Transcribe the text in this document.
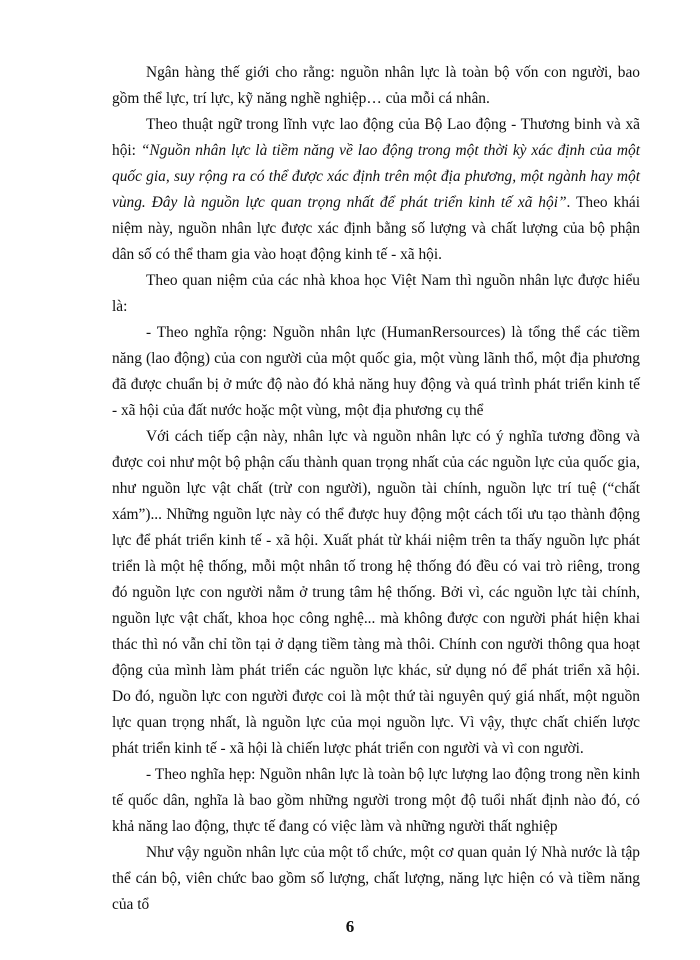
Ngân hàng thế giới cho rằng: nguồn nhân lực là toàn bộ vốn con người, bao gồm thể lực, trí lực, kỹ năng nghề nghiệp… của mỗi cá nhân.

Theo thuật ngữ trong lĩnh vực lao động của Bộ Lao động - Thương binh và xã hội: “Nguồn nhân lực là tiềm năng về lao động trong một thời kỳ xác định của một quốc gia, suy rộng ra có thể được xác định trên một địa phương, một ngành hay một vùng. Đây là nguồn lực quan trọng nhất để phát triển kinh tế xã hội”. Theo khái niệm này, nguồn nhân lực được xác định bằng số lượng và chất lượng của bộ phận dân số có thể tham gia vào hoạt động kinh tế - xã hội.

Theo quan niệm của các nhà khoa học Việt Nam thì nguồn nhân lực được hiểu là:

- Theo nghĩa rộng: Nguồn nhân lực (HumanRersources) là tổng thể các tiềm năng (lao động) của con người của một quốc gia, một vùng lãnh thổ, một địa phương đã được chuẩn bị ở mức độ nào đó khả năng huy động và quá trình phát triển kinh tế - xã hội của đất nước hoặc một vùng, một địa phương cụ thể

Với cách tiếp cận này, nhân lực và nguồn nhân lực có ý nghĩa tương đồng và được coi như một bộ phận cấu thành quan trọng nhất của các nguồn lực của quốc gia, như nguồn lực vật chất (trừ con người), nguồn tài chính, nguồn lực trí tuệ (“chất xám”)... Những nguồn lực này có thể được huy động một cách tối ưu tạo thành động lực để phát triển kinh tế - xã hội. Xuất phát từ khái niệm trên ta thấy nguồn lực phát triển là một hệ thống, mỗi một nhân tố trong hệ thống đó đều có vai trò riêng, trong đó nguồn lực con người nằm ở trung tâm hệ thống. Bởi vì, các nguồn lực tài chính, nguồn lực vật chất, khoa học công nghệ... mà không được con người phát hiện khai thác thì nó vẫn chỉ tồn tại ở dạng tiềm tàng mà thôi. Chính con người thông qua hoạt động của mình làm phát triển các nguồn lực khác, sử dụng nó để phát triển xã hội. Do đó, nguồn lực con người được coi là một thứ tài nguyên quý giá nhất, một nguồn lực quan trọng nhất, là nguồn lực của mọi nguồn lực. Vì vậy, thực chất chiến lược phát triển kinh tế - xã hội là chiến lược phát triển con người và vì con người.

- Theo nghĩa hẹp: Nguồn nhân lực là toàn bộ lực lượng lao động trong nền kinh tế quốc dân, nghĩa là bao gồm những người trong một độ tuổi nhất định nào đó, có khả năng lao động, thực tế đang có việc làm và những người thất nghiệp

Như vậy nguồn nhân lực của một tổ chức, một cơ quan quản lý Nhà nước là tập thể cán bộ, viên chức bao gồm số lượng, chất lượng, năng lực hiện có và tiềm năng của tổ

6
